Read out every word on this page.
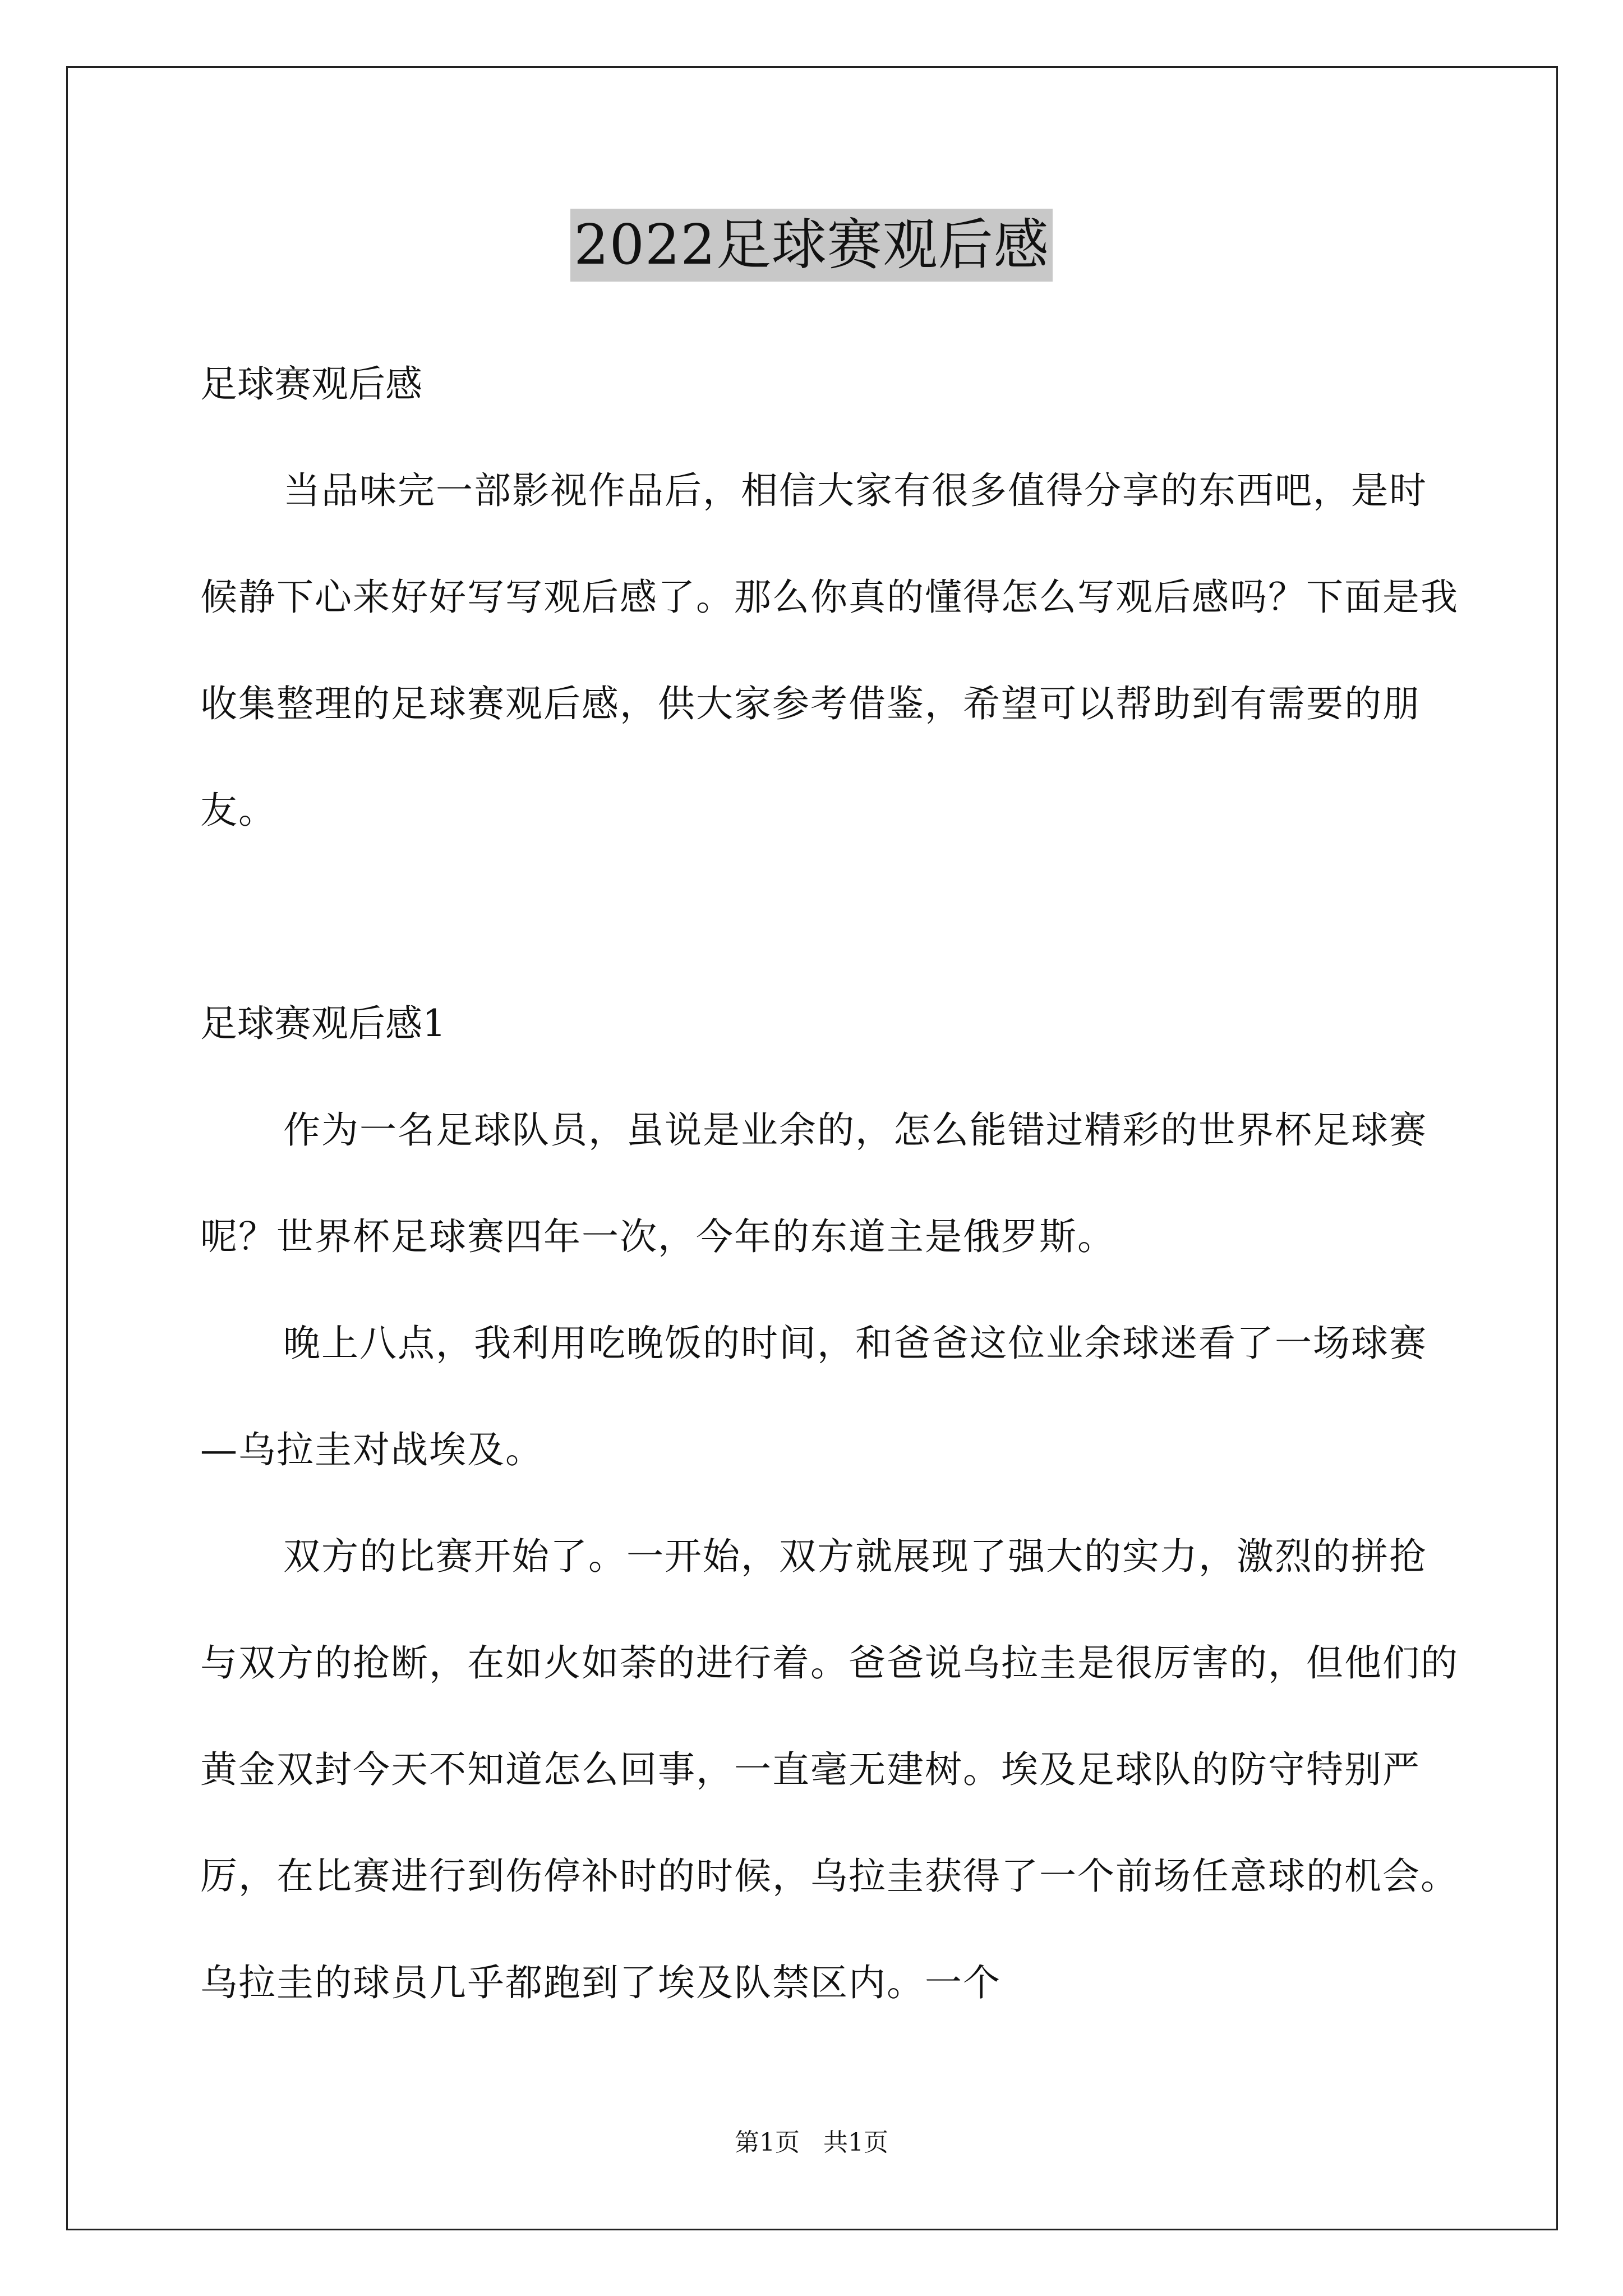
2022足球赛观后感
足球赛观后感

当品味完一部影视作品后，相信大家有很多值得分享的东西吧，是时候静下心来好好写写观后感了。那么你真的懂得怎么写观后感吗？下面是我收集整理的足球赛观后感，供大家参考借鉴，希望可以帮助到有需要的朋友。

足球赛观后感1

作为一名足球队员，虽说是业余的，怎么能错过精彩的世界杯足球赛呢？世界杯足球赛四年一次，今年的东道主是俄罗斯。

晚上八点，我利用吃晚饭的时间，和爸爸这位业余球迷看了一场球赛—乌拉圭对战埃及。

双方的比赛开始了。一开始，双方就展现了强大的实力，激烈的拼抢与双方的抢断，在如火如荼的进行着。爸爸说乌拉圭是很厉害的，但他们的黄金双封今天不知道怎么回事，一直毫无建树。埃及足球队的防守特别严厉，在比赛进行到伤停补时的时候，乌拉圭获得了一个前场任意球的机会。乌拉圭的球员几乎都跑到了埃及队禁区内。一个

第1页   共1页
